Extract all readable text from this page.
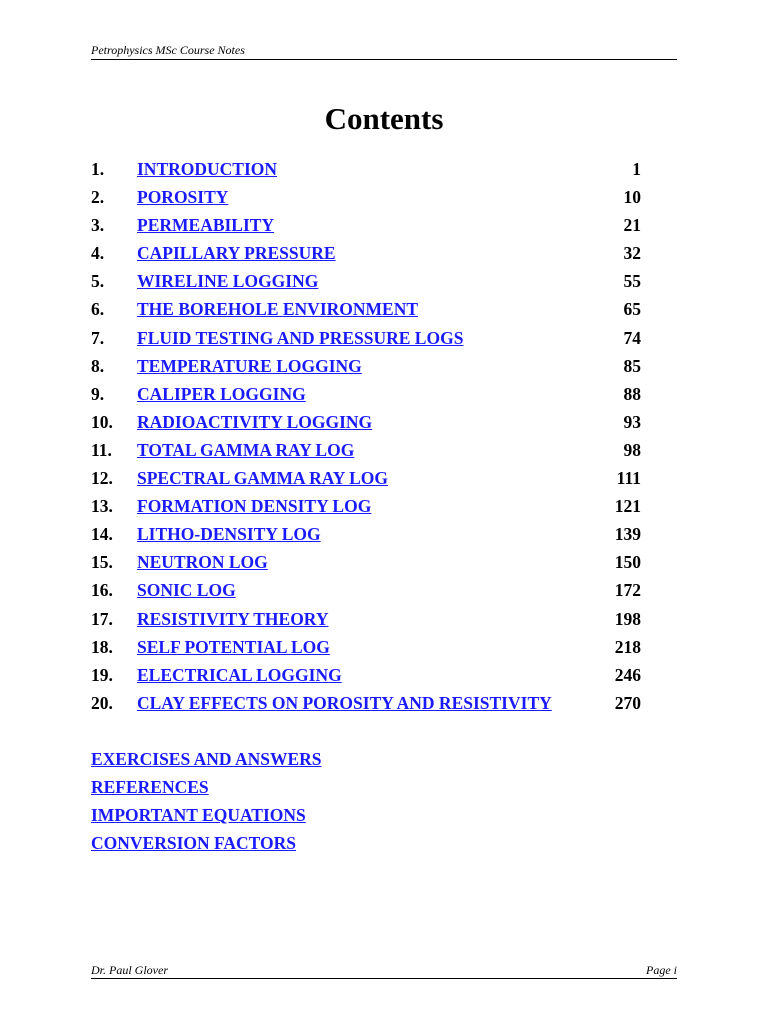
Petrophysics MSc Course Notes
Contents
1. INTRODUCTION	1
2. POROSITY	10
3. PERMEABILITY	21
4. CAPILLARY PRESSURE	32
5. WIRELINE LOGGING	55
6. THE BOREHOLE ENVIRONMENT	65
7. FLUID TESTING AND PRESSURE LOGS	74
8. TEMPERATURE LOGGING	85
9. CALIPER LOGGING	88
10. RADIOACTIVITY LOGGING	93
11. TOTAL GAMMA RAY LOG	98
12. SPECTRAL GAMMA RAY LOG	111
13. FORMATION DENSITY LOG	121
14. LITHO-DENSITY LOG	139
15. NEUTRON LOG	150
16. SONIC LOG	172
17. RESISTIVITY THEORY	198
18. SELF POTENTIAL LOG	218
19. ELECTRICAL LOGGING	246
20. CLAY EFFECTS ON POROSITY AND RESISTIVITY	270
EXERCISES AND ANSWERS
REFERENCES
IMPORTANT EQUATIONS
CONVERSION FACTORS
Dr. Paul Glover	Page i
